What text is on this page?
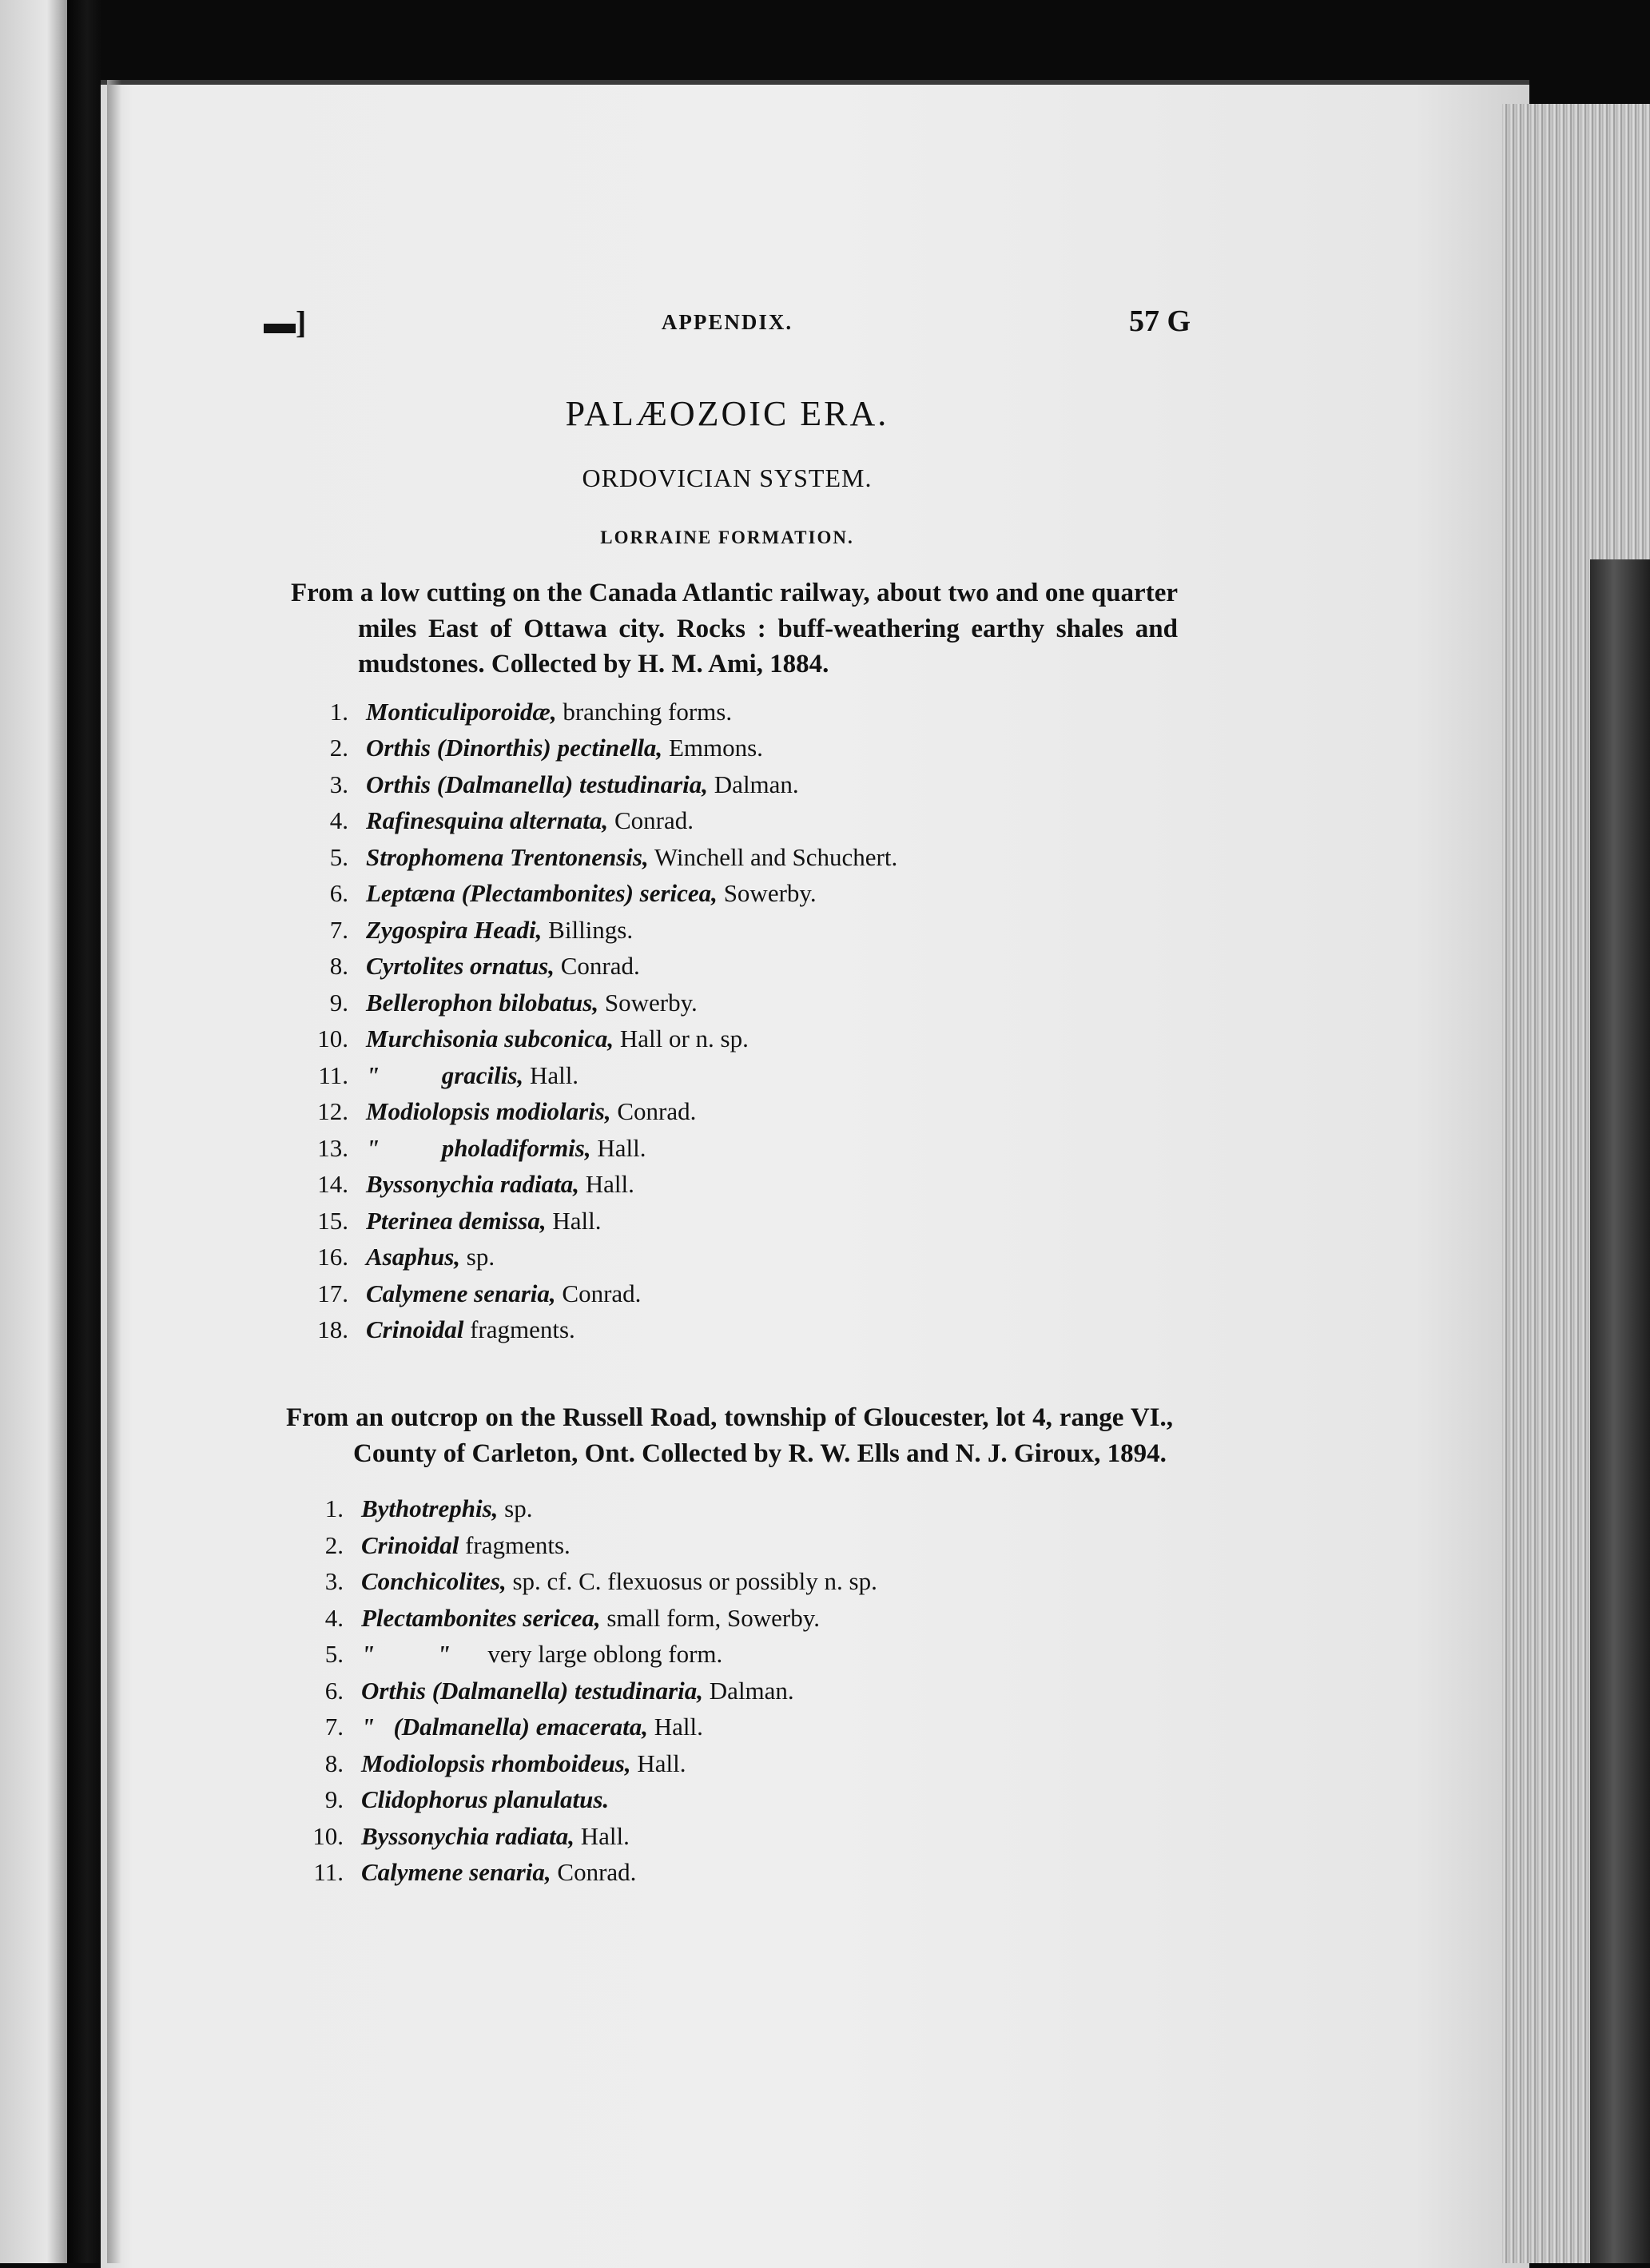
▬]	APPENDIX.	57 G
PALÆOZOIC ERA.
ORDOVICIAN SYSTEM.
LORRAINE FORMATION.

From a low cutting on the Canada Atlantic railway, about two and one quarter miles East of Ottawa city. Rocks : buff-weathering earthy shales and mudstones. Collected by H. M. Ami, 1884.

1. Monticuliporoidæ, branching forms.
2. Orthis (Dinorthis) pectinella, Emmons.
3. Orthis (Dalmanella) testudinaria, Dalman.
4. Rafinesquina alternata, Conrad.
5. Strophomena Trentonensis, Winchell and Schuchert.
6. Leptæna (Plectambonites) sericea, Sowerby.
7. Zygospira Headi, Billings.
8. Cyrtolites ornatus, Conrad.
9. Bellerophon bilobatus, Sowerby.
10. Murchisonia subconica, Hall or n. sp.
11. "          gracilis, Hall.
12. Modiolopsis modiolaris, Conrad.
13. "          pholadiformis, Hall.
14. Byssonychia radiata, Hall.
15. Pterinea demissa, Hall.
16. Asaphus, sp.
17. Calymene senaria, Conrad.
18. Crinoidal fragments.

From an outcrop on the Russell Road, township of Gloucester, lot 4, range VI., County of Carleton, Ont. Collected by R. W. Ells and N. J. Giroux, 1894.

1. Bythotrephis, sp.
2. Crinoidal fragments.
3. Conchicolites, sp. cf. C. flexuosus or possibly n. sp.
4. Plectambonites sericea, small form, Sowerby.
5. "          "      very large oblong form.
6. Orthis (Dalmanella) testudinaria, Dalman.
7. "   (Dalmanella) emacerata, Hall.
8. Modiolopsis rhomboideus, Hall.
9. Clidophorus planulatus.
10. Byssonychia radiata, Hall.
11. Calymene senaria, Conrad.
